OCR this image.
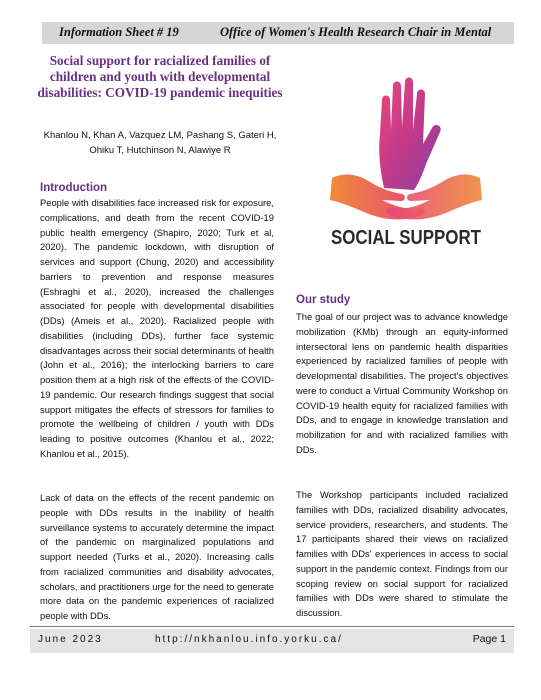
Information Sheet # 19	Office of Women's Health Research Chair in Mental
Social support for racialized families of children and youth with developmental disabilities: COVID-19 pandemic inequities

Khanlou N, Khan A, Vazquez LM, Pashang S, Gateri H, Ohiku T, Hutchinson N, Alawiye R

Introduction

People with disabilities face increased risk for exposure, complications, and death from the recent COVID-19 public health emergency (Shapiro, 2020; Turk et al, 2020). The pandemic lockdown, with disruption of services and support (Chung, 2020) and accessibility barriers to prevention and response measures (Eshraghi et al., 2020), increased the challenges associated for people with developmental disabilities (DDs) (Ameis et al., 2020). Racialized people with disabilities (including DDs), further face systemic disadvantages across their social determinants of health (John et al., 2016); the interlocking barriers to care position them at a high risk of the effects of the COVID-19 pandemic. Our research findings suggest that social support mitigates the effects of stressors for families to promote the wellbeing of children / youth with DDs leading to positive outcomes (Khanlou et al., 2022; Khanlou et al., 2015).

Lack of data on the effects of the recent pandemic on people with DDs results in the inability of health surveillance systems to accurately determine the impact of the pandemic on marginalized populations and support needed (Turks et al., 2020). Increasing calls from racialized communities and disability advocates, scholars, and practitioners urge for the need to generate more data on the pandemic experiences of racialized people with DDs.

SOCIAL SUPPORT
Our study

The goal of our project was to advance knowledge mobilization (KMb) through an equity-informed intersectoral lens on pandemic health disparities experienced by racialized families of people with developmental disabilities. The project's objectives were to conduct a Virtual Community Workshop on COVID-19 health equity for racialized families with DDs, and to engage in knowledge translation and mobilization for and with racialized families with DDs.

The Workshop participants included racialized families with DDs, racialized disability advocates, service providers, researchers, and students. The 17 participants shared their views on racialized families with DDs' experiences in access to social support in the pandemic context. Findings from our scoping review on social support for racialized families with DDs were shared to stimulate the discussion.

June 2023	http://nkhanlou.info.yorku.ca/	Page 1
